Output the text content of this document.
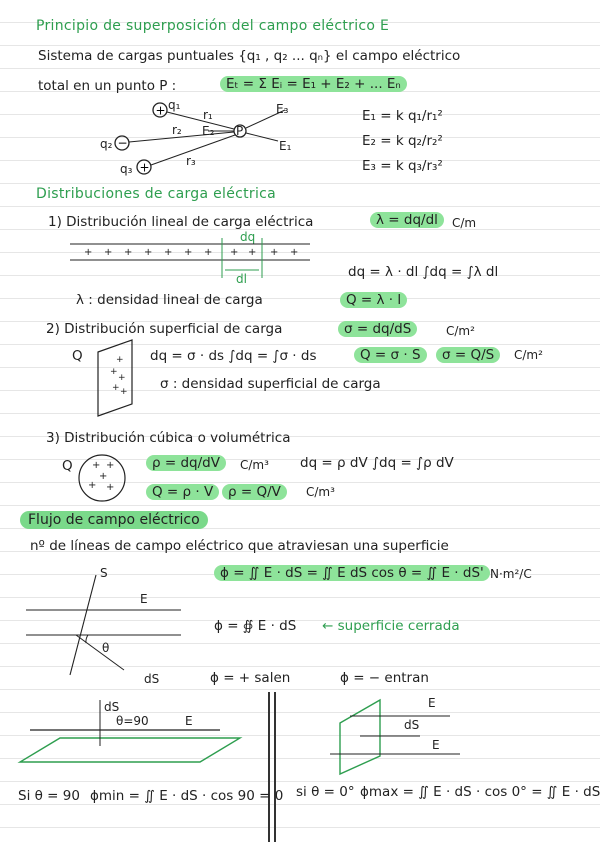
Principio de superposición del campo eléctrico E
Sistema de cargas puntuales {q₁ , q₂ ... qₙ} el campo eléctrico
total en un punto P :	Eₜ = Σ Eᵢ = E₁ + E₂ + ... Eₙ
+
−
+
q₁
q₂
q₃
r₁
r₂
r₃
P
E₃
E₂
E₁
E₁ = k q₁/r₁²
E₂ = k q₂/r₂²
E₃ = k q₃/r₃²
Distribuciones de carga eléctrica
1) Distribución lineal de carga eléctrica	λ = dq/dl	C/m
+ + + + + + + + + + +
dq
dl	dq = λ · dl ∫dq = ∫λ dl
λ : densidad lineal de carga	Q = λ · l
2) Distribución superficial de carga	σ = dq/dS	C/m²
Q	+ ++ ++
dq = σ · ds ∫dq = ∫σ · ds	Q = σ · S	σ = Q/S	C/m²
σ : densidad superficial de carga
3) Distribución cúbica o volumétrica
Q	+ + + + +
ρ = dq/dV	C/m³ dq = ρ dV ∫dq = ∫ρ dV
Q = ρ · V	ρ = Q/V	C/m³
Flujo de campo eléctrico
nº de líneas de campo eléctrico que atraviesan una superficie
ϕ = ∬ E · dS = ∬ E dS cos θ = ∬ E · dS' N·m²/C
S
E
θ
dS
ϕ = ∯ E · dS ← superficie cerrada
ϕ = + salen	ϕ = − entran
dS
θ=90	E
Si θ = 90 ϕmin = ∬ E · dS · cos 90 = 0
E
dS
E
si θ = 0° ϕmax = ∬ E · dS · cos 0° = ∬ E · dS
